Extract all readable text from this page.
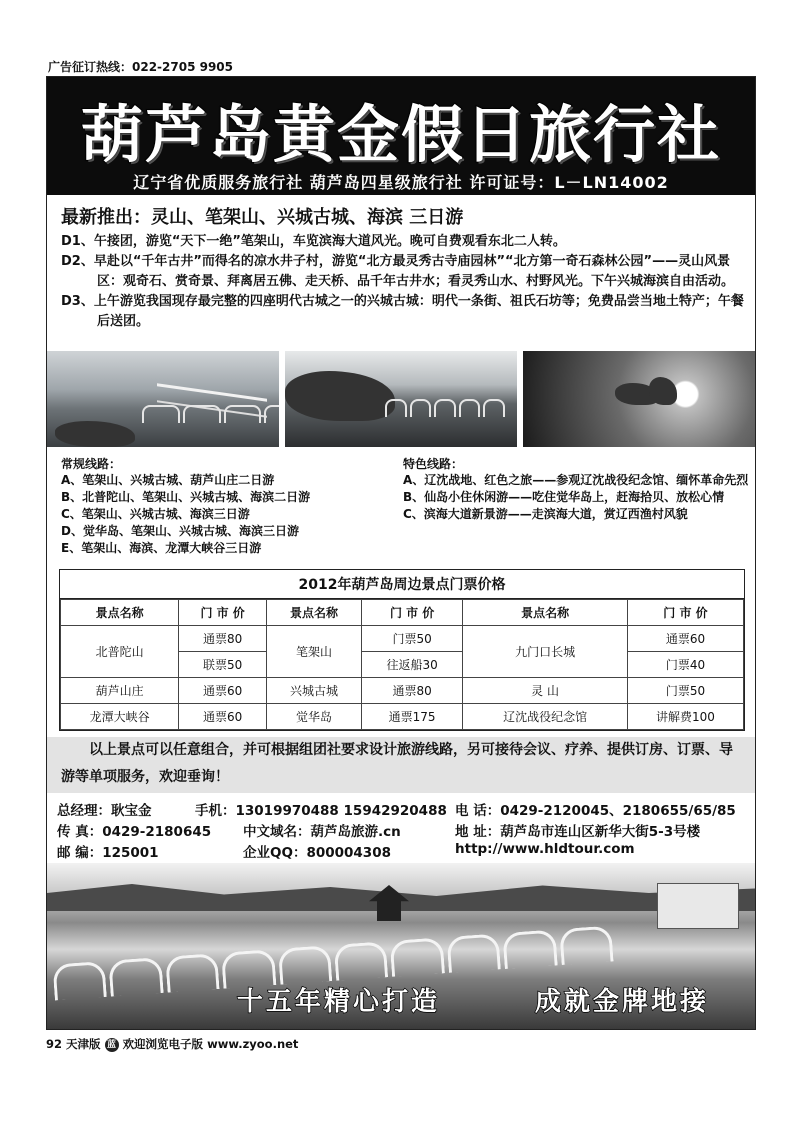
广告征订热线：022-2705 9905
葫芦岛黄金假日旅行社
辽宁省优质服务旅行社 葫芦岛四星级旅行社 许可证号：L－LN14002
最新推出：灵山、笔架山、兴城古城、海滨 三日游
D1、午接团，游览“天下一绝”笔架山，车览滨海大道风光。晚可自费观看东北二人转。
D2、早赴以“千年古井”而得名的凉水井子村，游览“北方最灵秀古寺庙园林”“北方第一奇石森林公园”——灵山风景区：观奇石、赏奇景、拜离居五佛、走天桥、品千年古井水；看灵秀山水、村野风光。下午兴城海滨自由活动。
D3、上午游览我国现存最完整的四座明代古城之一的兴城古城：明代一条街、祖氏石坊等；免费品尝当地土特产；午餐后送团。
常规线路：
A、笔架山、兴城古城、葫芦山庄二日游
B、北普陀山、笔架山、兴城古城、海滨二日游
C、笔架山、兴城古城、海滨三日游
D、觉华岛、笔架山、兴城古城、海滨三日游
E、笔架山、海滨、龙潭大峡谷三日游
特色线路：
A、辽沈战地、红色之旅——参观辽沈战役纪念馆、缅怀革命先烈
B、仙岛小住休闲游——吃住觉华岛上，赶海拾贝、放松心情
C、滨海大道新景游——走滨海大道，赏辽西渔村风貌
2012年葫芦岛周边景点门票价格
景点名称	门 市 价	景点名称	门 市 价	景点名称	门 市 价
北普陀山	通票80	笔架山	门票50	九门口长城	通票60
	联票50		往返船30		门票40
葫芦山庄	通票60	兴城古城	通票80	灵 山	门票50
龙潭大峡谷	通票60	觉华岛	通票175	辽沈战役纪念馆	讲解费100
以上景点可以任意组合，并可根据组团社要求设计旅游线路，另可接待会议、疗养、提供订房、订票、导游等单项服务，欢迎垂询！
总经理：耿宝金	手机：13019970488 15942920488 电 话：0429-2120045、2180655/65/85
传 真：0429-2180645 中文域名：葫芦岛旅游.cn	地 址：葫芦岛市连山区新华大街5-3号楼
邮 编：125001	企业QQ：800004308	http://www.hldtour.com
十五年精心打造	成就金牌地接
92 天津版 蓝 欢迎浏览电子版 www.zyoo.net
